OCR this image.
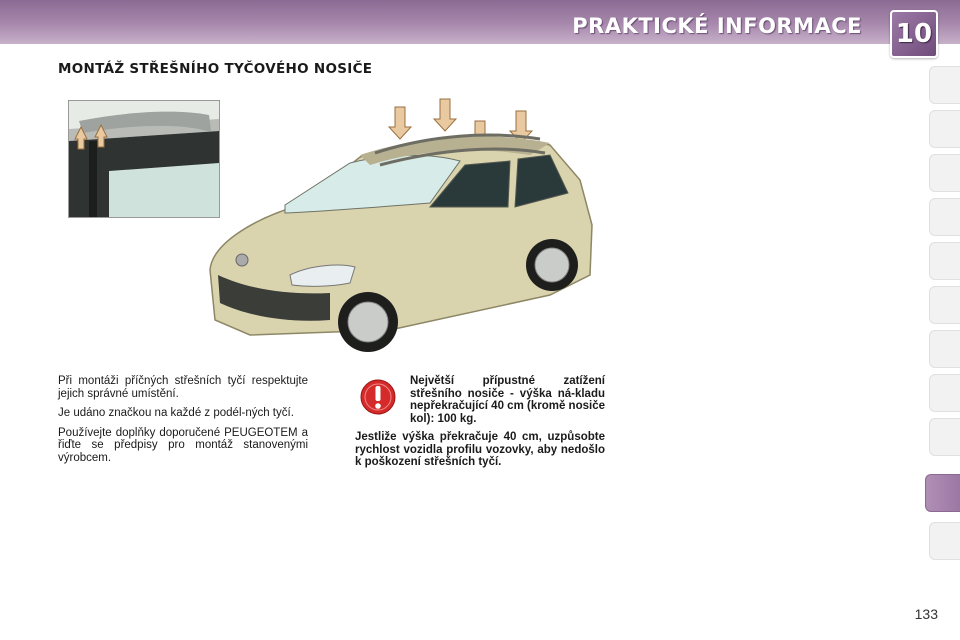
PRAKTICKÉ INFORMACE 10
MONTÁŽ STŘEŠNÍHO TYČOVÉHO NOSIČE

Při montáži příčných střešních tyčí respektujte jejich správné umístění.

Je udáno značkou na každé z podél-ných tyčí.

Používejte doplňky doporučené PEUGEOTEM a řiďte se předpisy pro montáž stanovenými výrobcem.

Největší přípustné zatížení střešního nosiče - výška ná-kladu nepřekračující 40 cm (kromě nosiče kol): 100 kg.
Jestliže výška překračuje 40 cm, uzpůsobte rychlost vozidla profilu vozovky, aby nedošlo k poškození střešních tyčí.
133
